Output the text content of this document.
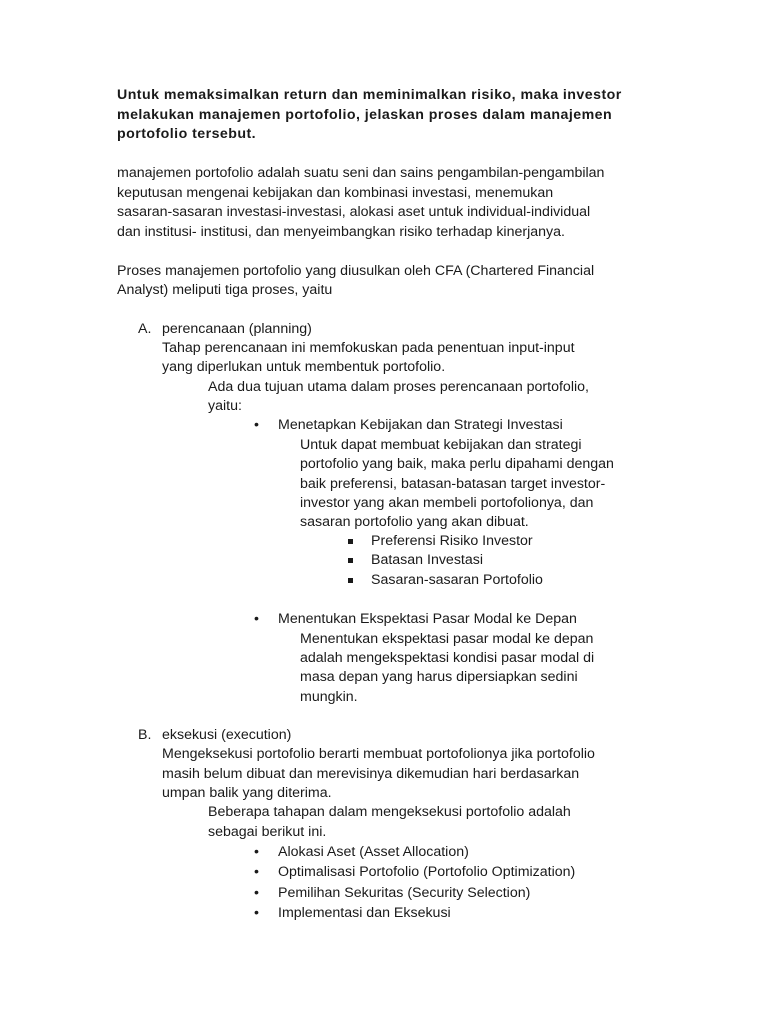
Untuk memaksimalkan return dan meminimalkan risiko, maka investor
melakukan manajemen portofolio, jelaskan proses dalam manajemen
portofolio tersebut.
manajemen portofolio adalah suatu seni dan sains pengambilan-pengambilan
keputusan mengenai kebijakan dan kombinasi investasi, menemukan
sasaran-sasaran investasi-investasi, alokasi aset untuk individual-individual
dan institusi- institusi, dan menyeimbangkan risiko terhadap kinerjanya.
Proses manajemen portofolio yang diusulkan oleh CFA (Chartered Financial
Analyst) meliputi tiga proses, yaitu
A. perencanaan (planning)
Tahap perencanaan ini memfokuskan pada penentuan input-input
yang diperlukan untuk membentuk portofolio.
Ada dua tujuan utama dalam proses perencanaan portofolio,
yaitu:
• Menetapkan Kebijakan dan Strategi Investasi
Untuk dapat membuat kebijakan dan strategi
portofolio yang baik, maka perlu dipahami dengan
baik preferensi, batasan-batasan target investor-
investor yang akan membeli portofolionya, dan
sasaran portofolio yang akan dibuat.
Preferensi Risiko Investor
Batasan Investasi
Sasaran-sasaran Portofolio
• Menentukan Ekspektasi Pasar Modal ke Depan
Menentukan ekspektasi pasar modal ke depan
adalah mengekspektasi kondisi pasar modal di
masa depan yang harus dipersiapkan sedini
mungkin.
B. eksekusi (execution)
Mengeksekusi portofolio berarti membuat portofolionya jika portofolio
masih belum dibuat dan merevisinya dikemudian hari berdasarkan
umpan balik yang diterima.
Beberapa tahapan dalam mengeksekusi portofolio adalah
sebagai berikut ini.
• Alokasi Aset (Asset Allocation)
• Optimalisasi Portofolio (Portofolio Optimization)
• Pemilihan Sekuritas (Security Selection)
• Implementasi dan Eksekusi
